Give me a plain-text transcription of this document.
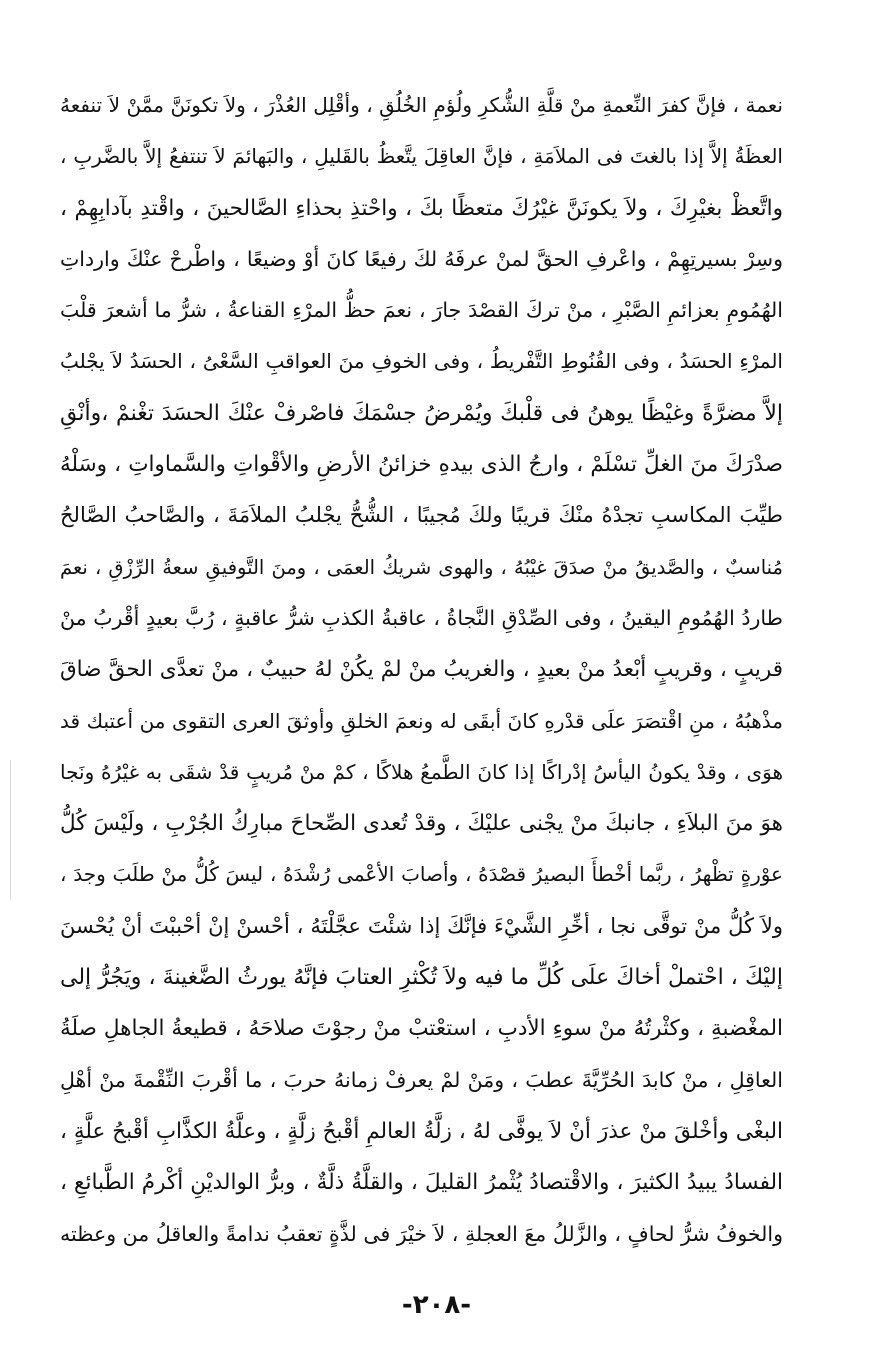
نعمة ، فإنَّ كفرَ النِّعمةِ منْ قلَّةِ الشُّكرِ ولُؤمِ الخُلُقِ ، وأقْلِل العُذْرَ ، ولاَ تكونَنَّ ممَّنْ لاَ تنفعهُ
العظَةُ إلاَّ إذا بالغتَ فى الملاَمَةِ ، فإنَّ العاقِلَ يتَّعظُ بالقَليلِ ، والبَهائمَ لاَ تنتفعُ إلاَّ بالضَّربِ ،
واتَّعظْ بغيْرِكَ ، ولاَ يكونَنَّ غيْرُكَ متعظًا بكَ ، واحْتذِ بحذاءِ الصَّالحينَ ، واقْتدِ بآدابِهِمْ ،
وسِرْ بسيرتِهِمْ ، واعْرفِ الحقَّ لمنْ عرفَهُ لكَ رفيعًا كانَ أوْ وضيعًا ، واطْرحْ عنْكَ وارداتِ
الهُمُومِ بعزائمِ الصَّبْرِ ، منْ تركَ القصْدَ جارَ ، نعمَ حظُّ المرْءِ القناعةُ ، شرُّ ما أشعرَ قلْبَ
المرْءِ الحسَدُ ، وفى القُنُوطِ التَّفْريطُ ، وفى الخوفِ منَ العواقبِ السَّعْىُ ، الحسَدُ لاَ يجْلبُ
إلاَّ مضرَّةً وغيْظًا يوهنُ فى قلْبكَ ويُمْرضُ جسْمَكَ فاصْرفْ عنْكَ الحسَدَ تغْنمْ ،وأنْقِ
صدْرَكَ منَ الغلِّ تسْلَمْ ، وارجُ الذى بيدهِ خزائنُ الأرضِ والأقْواتِ والسَّماواتِ ، وسَلْهُ
طيِّبَ المكاسبِ تجدْهُ منْكَ قريبًا ولكَ مُجيبًا ، الشُّحُّ يجْلبُ الملاَمَةَ ، والصَّاحبُ الصَّالحُ
مُناسبٌ ، والصَّديقُ منْ صدَقَ غيْبُهُ ، والهوى شريكُ العمَى ، ومنَ التَّوفيقِ سعةُ الرِّزْقِ ، نعمَ
طاردُ الهُمُومِ اليقينُ ، وفى الصِّدْقِ النَّجاةُ ، عاقبةُ الكذبِ شرُّ عاقبةٍ ، رُبَّ بعيدٍ أقْربُ منْ
قريبٍ ، وقريبٍ أبْعدُ منْ بعيدٍ ، والغريبُ منْ لمْ يكُنْ لهُ حبيبٌ ، منْ تعدَّى الحقَّ ضاقَ
مذْهبُهُ ، منِ اقْتصَرَ علَى قدْرهِ كانَ أبقَى له ونعمَ الخلقِ وأوثقَ العرى التقوى من أعتبك قد
هوَى ، وقدْ يكونُ اليأسُ إدْراكًا إذا كانَ الطَّمعُ هلاكًا ، كمْ منْ مُريبٍ قدْ شقَى به غيْرُهُ ونَجا
هوَ منَ البلاَءِ ، جانبكَ منْ يجْنى عليْكَ ، وقدْ تُعدى الصِّحاحَ مبارِكُ الجُرْبِ ، ولَيْسَ كُلُّ
عوْرةٍ تظْهرُ ، ربَّما أخْطأَ البصيرُ قصْدَهُ ، وأصابَ الأعْمى رُشْدَهُ ، ليسَ كُلُّ منْ طلَبَ وجدَ ،
ولاَ كُلُّ منْ توقَّى نجا ، أخِّرِ الشَّيْءَ فإنَّكَ إذا شئْتَ عجَّلْتَهُ ، أحْسنْ إنْ أحْببْتَ أنْ يُحْسنَ
إليْكَ ، احْتملْ أخاكَ علَى كُلِّ ما فيه ولاَ تُكْثرِ العتابَ فإنَّهُ يورثُ الضَّغينةَ ، ويَجُرُّ إلى
المغْضبةِ ، وكثْرتُهُ منْ سوءِ الأدبِ ، استعْتبْ منْ رجوْتَ صلاحَهُ ، قطيعةُ الجاهلِ صلَةُ
العاقِلِ ، منْ كابدَ الحُرِّيَّةَ عطبَ ، ومَنْ لمْ يعرفْ زمانهُ حربَ ، ما أقْربَ النِّقْمةَ منْ أهْلِ
البغْى وأخْلقَ منْ عذرَ أنْ لاَ يوفَّى لهُ ، زلَّةُ العالمِ أقْبحُ زلَّةٍ ، وعلَّةُ الكذَّابِ أقْبحُ علَّةٍ ،
الفسادُ يبيدُ الكثيرَ ، والاقْتصادُ يُثْمرُ القليلَ ، والقلَّةُ ذلَّةٌ ، وبرُّ الوالديْنِ أكْرمُ الطَّبائعِ ،
والخوفُ شرُّ لحافٍ ، والزَّللُ معَ العجلةِ ، لاَ خيْرَ فى لذَّةٍ تعقبُ ندامةً والعاقلُ من وعظته
-٢٠٨-
